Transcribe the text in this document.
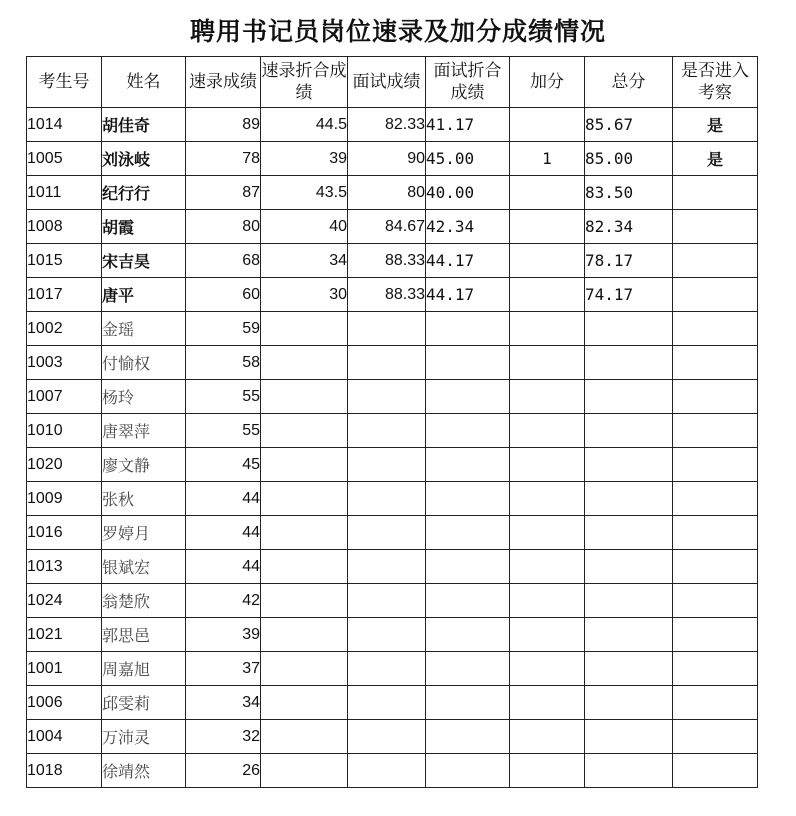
聘用书记员岗位速录及加分成绩情况
考生号	姓名	速录成绩	速录折合成绩	面试成绩	面试折合成绩	加分	总分	是否进入考察
1014	胡佳奇	89	44.5	82.33	41.17		85.67	是
1005	刘泳岐	78	39	90	45.00	1	85.00	是
1011	纪行行	87	43.5	80	40.00		83.50	
1008	胡霞	80	40	84.67	42.34		82.34	
1015	宋吉昊	68	34	88.33	44.17		78.17	
1017	唐平	60	30	88.33	44.17		74.17	
1002	金瑶	59						
1003	付愉权	58						
1007	杨玲	55						
1010	唐翠萍	55						
1020	廖文静	45						
1009	张秋	44						
1016	罗婷月	44						
1013	银斌宏	44						
1024	翁楚欣	42						
1021	郭思邑	39						
1001	周嘉旭	37						
1006	邱雯莉	34						
1004	万沛灵	32						
1018	徐靖然	26						
